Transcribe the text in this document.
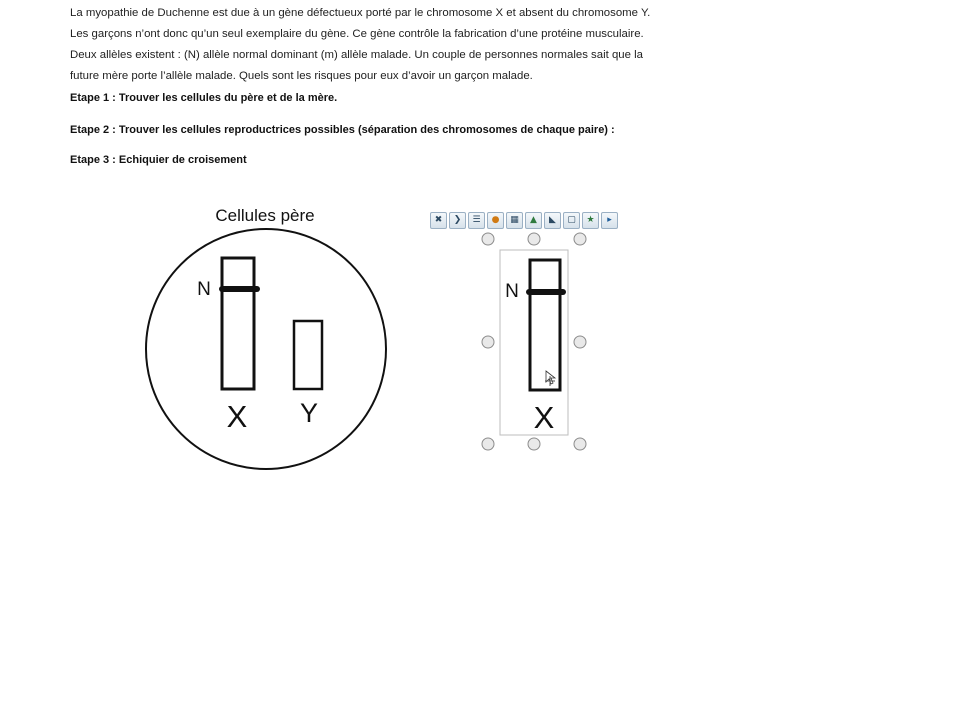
La myopathie de Duchenne est due à un gène défectueux porté par le chromosome X et absent du chromosome Y.
Les garçons n’ont donc qu’un seul exemplaire du gène. Ce gène contrôle la fabrication d’une protéine musculaire.
Deux allèles existent : (N) allèle normal dominant (m) allèle malade. Un couple de personnes normales sait que la
future mère porte l’allèle malade. Quels sont les risques pour eux d’avoir un garçon malade.
Etape 1 : Trouver les cellules du père et de la mère.
Etape 2 : Trouver les cellules reproductrices possibles (séparation des chromosomes de chaque paire) :
Etape 3 : Echiquier de croisement
Cellules père
N
X Y
N
X
✖	❯	☰	●	▦	▲	◣	▢	★	▸
